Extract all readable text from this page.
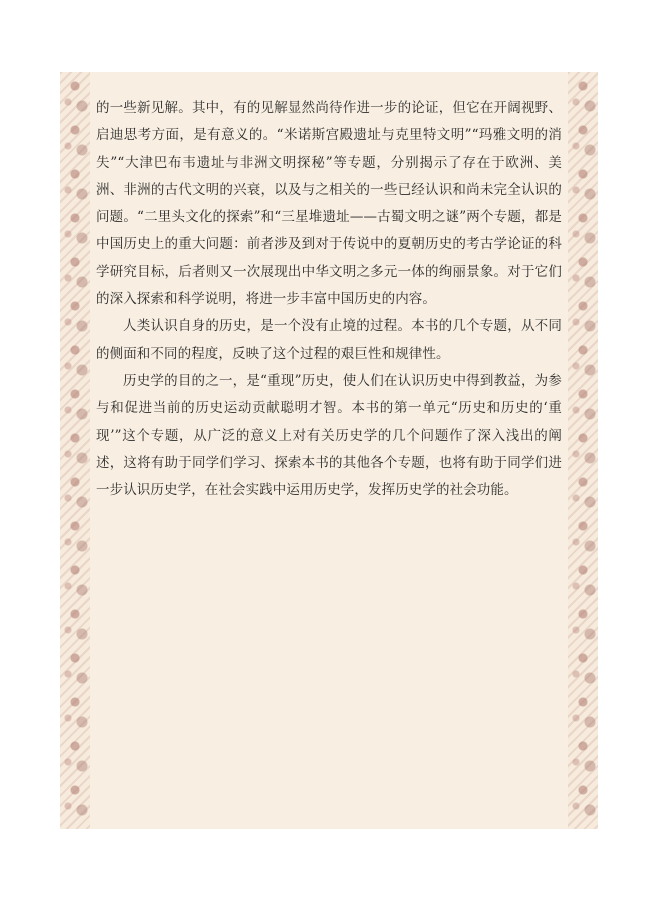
的一些新见解。其中，有的见解显然尚待作进一步的论证，但它在开阔视野、启迪思考方面，是有意义的。“米诺斯宫殿遗址与克里特文明”“玛雅文明的消失”“大津巴布韦遗址与非洲文明探秘”等专题，分别揭示了存在于欧洲、美洲、非洲的古代文明的兴衰，以及与之相关的一些已经认识和尚未完全认识的问题。“二里头文化的探索”和“三星堆遗址——古蜀文明之谜”两个专题，都是中国历史上的重大问题：前者涉及到对于传说中的夏朝历史的考古学论证的科学研究目标，后者则又一次展现出中华文明之多元一体的绚丽景象。对于它们的深入探索和科学说明，将进一步丰富中国历史的内容。

人类认识自身的历史，是一个没有止境的过程。本书的几个专题，从不同的侧面和不同的程度，反映了这个过程的艰巨性和规律性。

历史学的目的之一，是“重现”历史，使人们在认识历史中得到教益，为参与和促进当前的历史运动贡献聪明才智。本书的第一单元“历史和历史的‘重现’”这个专题，从广泛的意义上对有关历史学的几个问题作了深入浅出的阐述，这将有助于同学们学习、探索本书的其他各个专题，也将有助于同学们进一步认识历史学，在社会实践中运用历史学，发挥历史学的社会功能。
